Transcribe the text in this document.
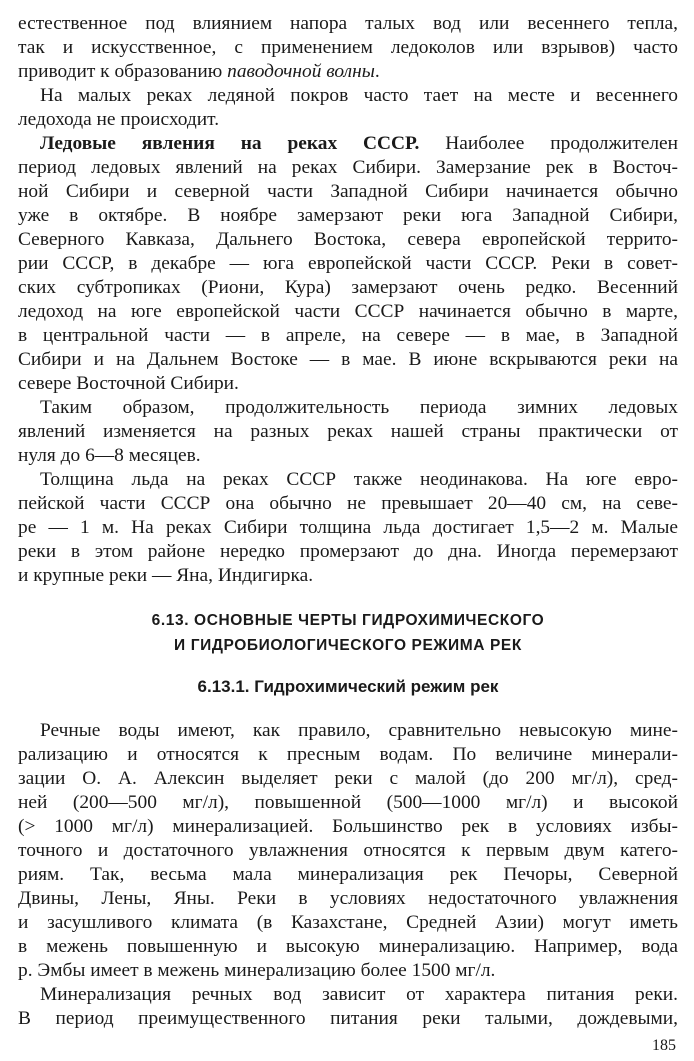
естественное под влиянием напора талых вод или весеннего тепла,
так и искусственное, с применением ледоколов или взрывов) часто
приводит к образованию паводочной волны.
На малых реках ледяной покров часто тает на месте и весеннего
ледохода не происходит.
Ледовые явления на реках СССР. Наиболее продолжителен
период ледовых явлений на реках Сибири. Замерзание рек в Восточ-
ной Сибири и северной части Западной Сибири начинается обычно
уже в октябре. В ноябре замерзают реки юга Западной Сибири,
Северного Кавказа, Дальнего Востока, севера европейской террито-
рии СССР, в декабре — юга европейской части СССР. Реки в совет-
ских субтропиках (Риони, Кура) замерзают очень редко. Весенний
ледоход на юге европейской части СССР начинается обычно в марте,
в центральной части — в апреле, на севере — в мае, в Западной
Сибири и на Дальнем Востоке — в мае. В июне вскрываются реки на
севере Восточной Сибири.
Таким образом, продолжительность периода зимних ледовых
явлений изменяется на разных реках нашей страны практически от
нуля до 6—8 месяцев.
Толщина льда на реках СССР также неодинакова. На юге евро-
пейской части СССР она обычно не превышает 20—40 см, на севе-
ре — 1 м. На реках Сибири толщина льда достигает 1,5—2 м. Малые
реки в этом районе нередко промерзают до дна. Иногда перемерзают
и крупные реки — Яна, Индигирка.
6.13. ОСНОВНЫЕ ЧЕРТЫ ГИДРОХИМИЧЕСКОГО
И ГИДРОБИОЛОГИЧЕСКОГО РЕЖИМА РЕК
6.13.1. Гидрохимический режим рек
Речные воды имеют, как правило, сравнительно невысокую мине-
рализацию и относятся к пресным водам. По величине минерали-
зации О. А. Алексин выделяет реки с малой (до 200 мг/л), сред-
ней (200—500 мг/л), повышенной (500—1000 мг/л) и высокой
(> 1000 мг/л) минерализацией. Большинство рек в условиях избы-
точного и достаточного увлажнения относятся к первым двум катего-
риям. Так, весьма мала минерализация рек Печоры, Северной
Двины, Лены, Яны. Реки в условиях недостаточного увлажнения
и засушливого климата (в Казахстане, Средней Азии) могут иметь
в межень повышенную и высокую минерализацию. Например, вода
р. Эмбы имеет в межень минерализацию более 1500 мг/л.
Минерализация речных вод зависит от характера питания реки.
В период преимущественного питания реки талыми, дождевыми,
185
